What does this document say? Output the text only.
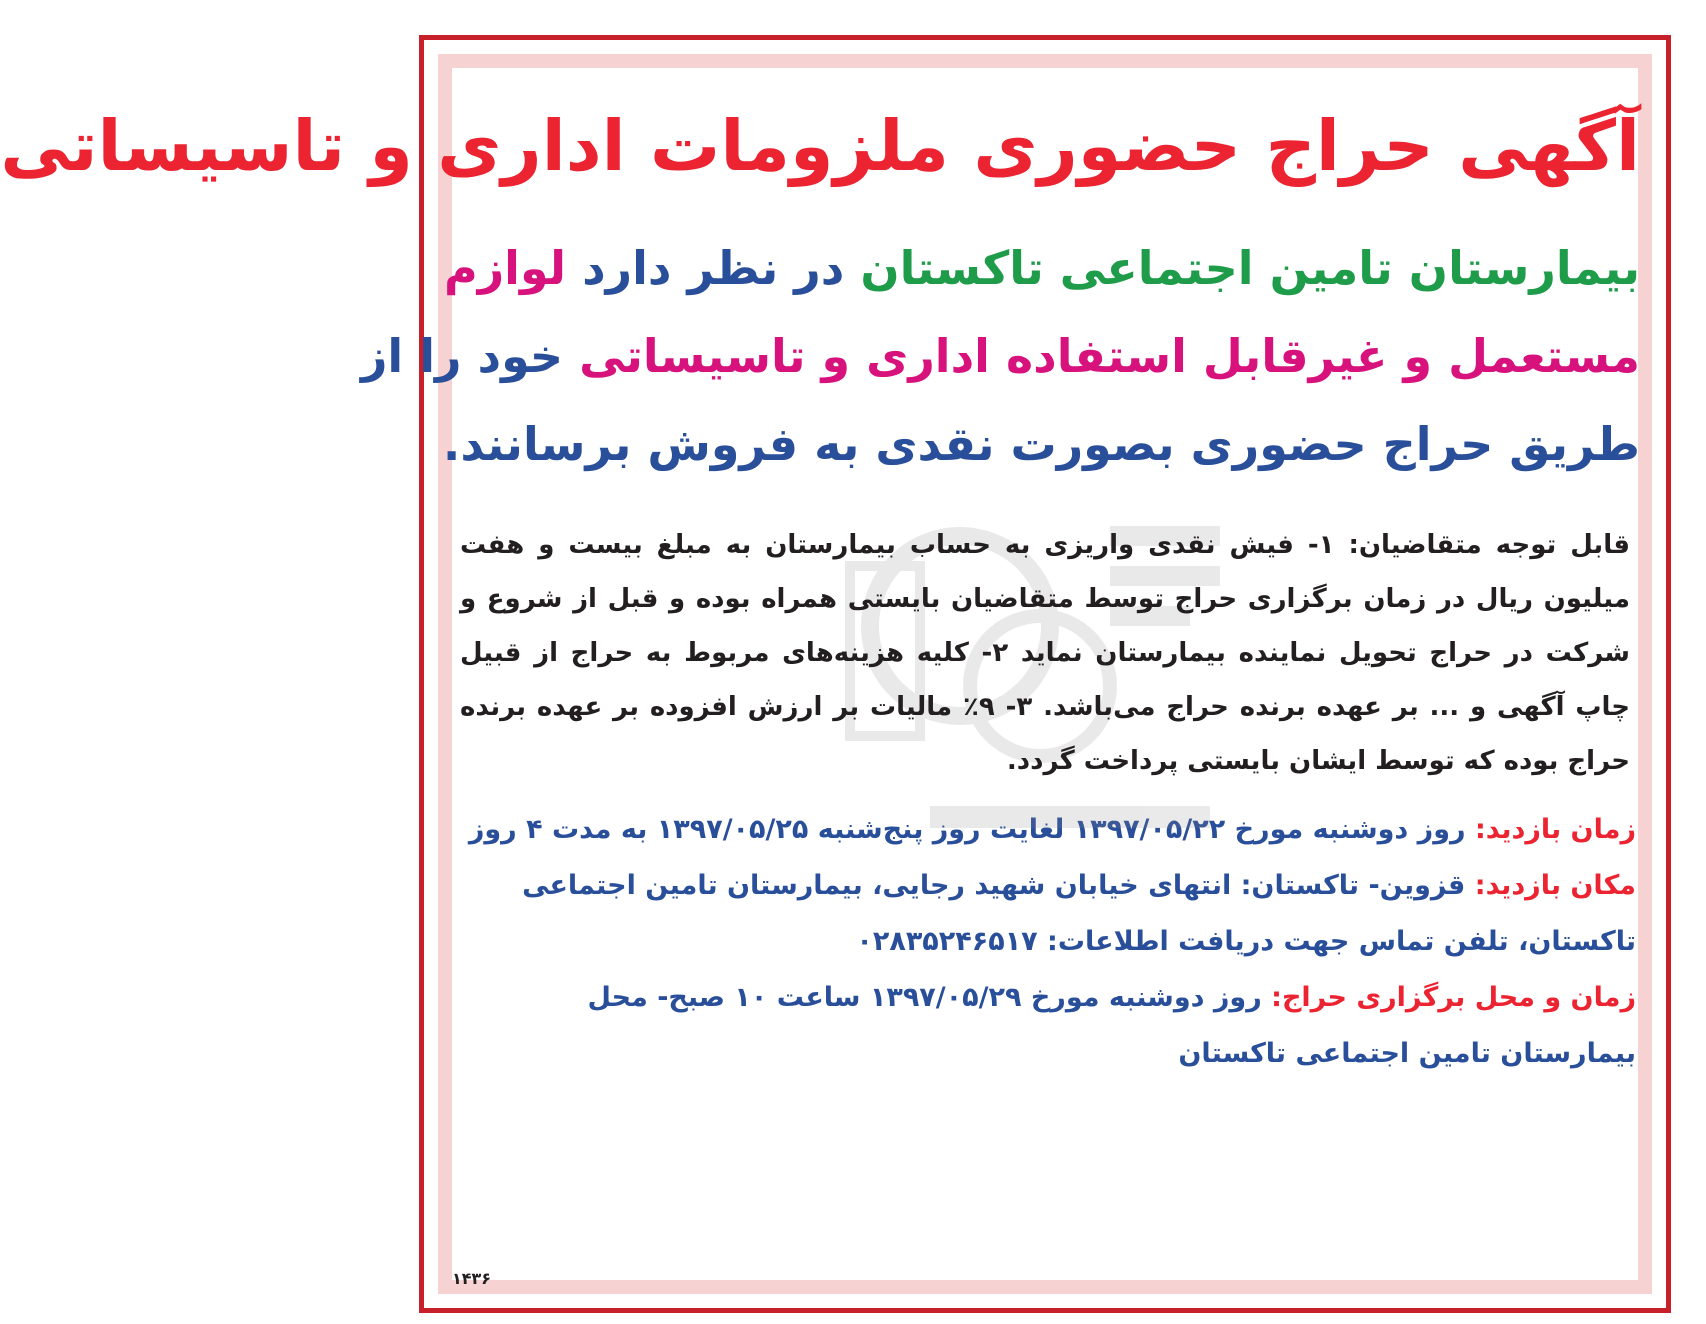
آگهی حراج حضوری ملزومات اداری و تاسیساتی
بیمارستان تامین اجتماعی تاکستان در نظر دارد لوازم
مستعمل و غیرقابل استفاده اداری و تاسیساتی خود را از
طریق حراج حضوری بصورت نقدی به فروش برسانند.
قابل توجه متقاضیان: ۱- فیش نقدی واریزی به حساب بیمارستان به مبلغ بیست و هفت میلیون ریال در زمان برگزاری حراج توسط متقاضیان بایستی همراه بوده و قبل از شروع و شرکت در حراج تحویل نماینده بیمارستان نماید ۲- کلیه هزینه‌های مربوط به حراج از قبیل چاپ آگهی و ... بر عهده برنده حراج می‌باشد. ۳- ۹٪ مالیات بر ارزش افزوده بر عهده برنده حراج بوده که توسط ایشان بایستی پرداخت گردد.

زمان بازدید: روز دوشنبه مورخ ۱۳۹۷/۰۵/۲۲ لغایت روز پنج‌شنبه ۱۳۹۷/۰۵/۲۵ به مدت ۴ روز

مکان بازدید: قزوین- تاکستان: انتهای خیابان شهید رجایی، بیمارستان تامین اجتماعی تاکستان، تلفن تماس جهت دریافت اطلاعات: ۰۲۸۳۵۲۴۶۵۱۷

زمان و محل برگزاری حراج: روز دوشنبه مورخ ۱۳۹۷/۰۵/۲۹ ساعت ۱۰ صبح- محل بیمارستان تامین اجتماعی تاکستان

۱۴۳۶
